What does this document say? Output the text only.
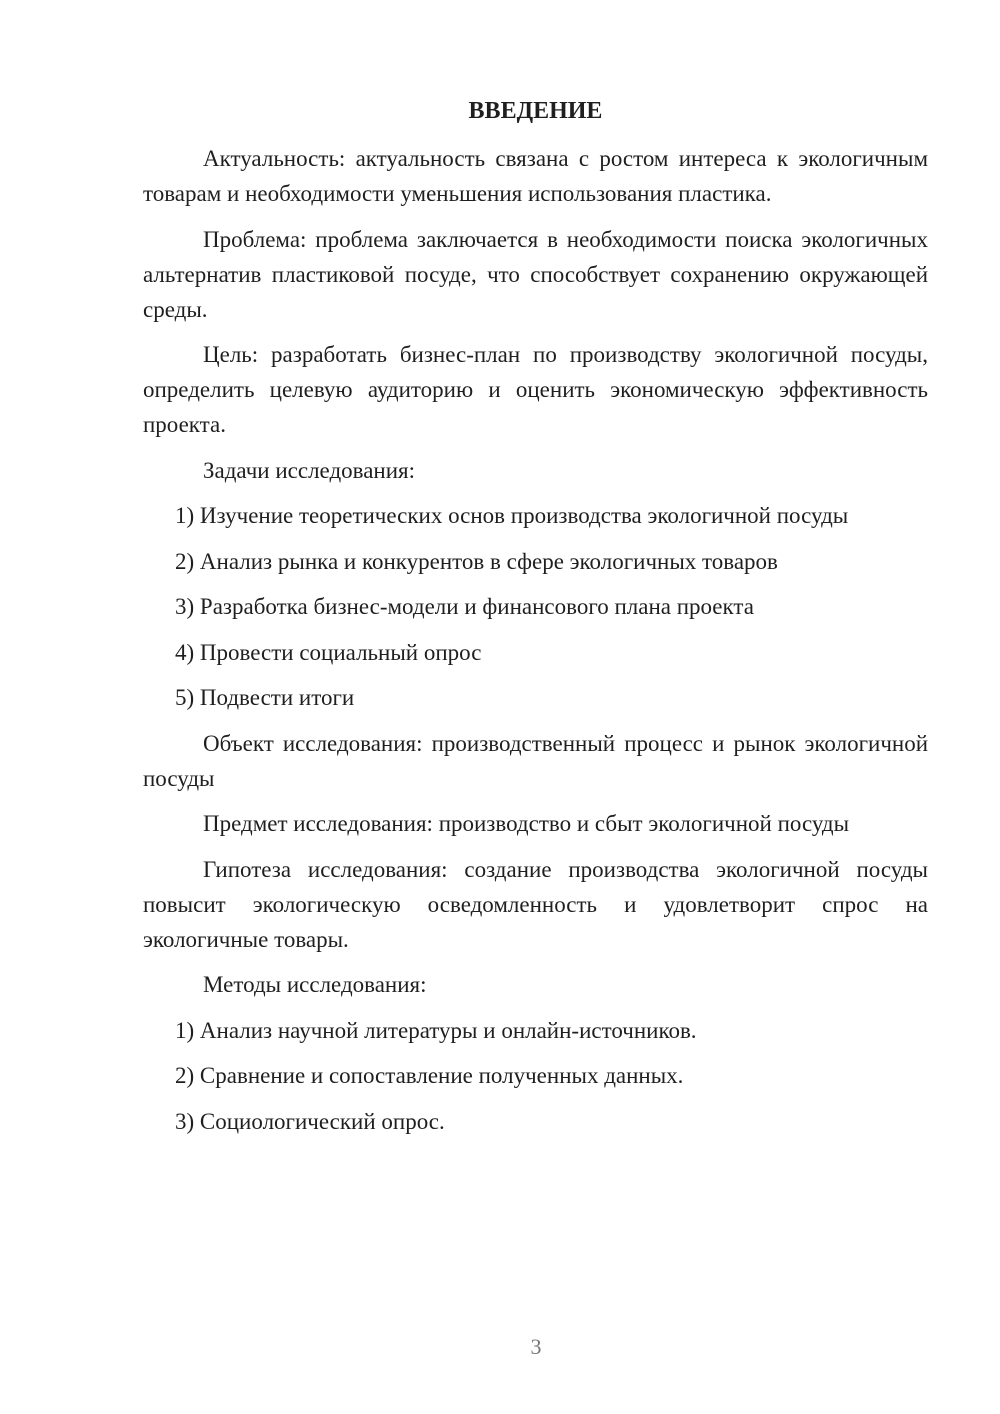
ВВЕДЕНИЕ

Актуальность: актуальность связана с ростом интереса к экологичным товарам и необходимости уменьшения использования пластика.

Проблема: проблема заключается в необходимости поиска экологичных альтернатив пластиковой посуде, что способствует сохранению окружающей среды.

Цель: разработать бизнес-план по производству экологичной посуды, определить целевую аудиторию и оценить экономическую эффективность проекта.

Задачи исследования:

1) Изучение теоретических основ производства экологичной посуды

2) Анализ рынка и конкурентов в сфере экологичных товаров

3) Разработка бизнес-модели и финансового плана проекта

4) Провести социальный опрос

5) Подвести итоги

Объект исследования: производственный процесс и рынок экологичной посуды

Предмет исследования: производство и сбыт экологичной посуды

Гипотеза исследования: создание производства экологичной посуды повысит экологическую осведомленность и удовлетворит спрос на экологичные товары.

Методы исследования:

1) Анализ научной литературы и онлайн-источников.

2) Сравнение и сопоставление полученных данных.

3) Социологический опрос.

3
